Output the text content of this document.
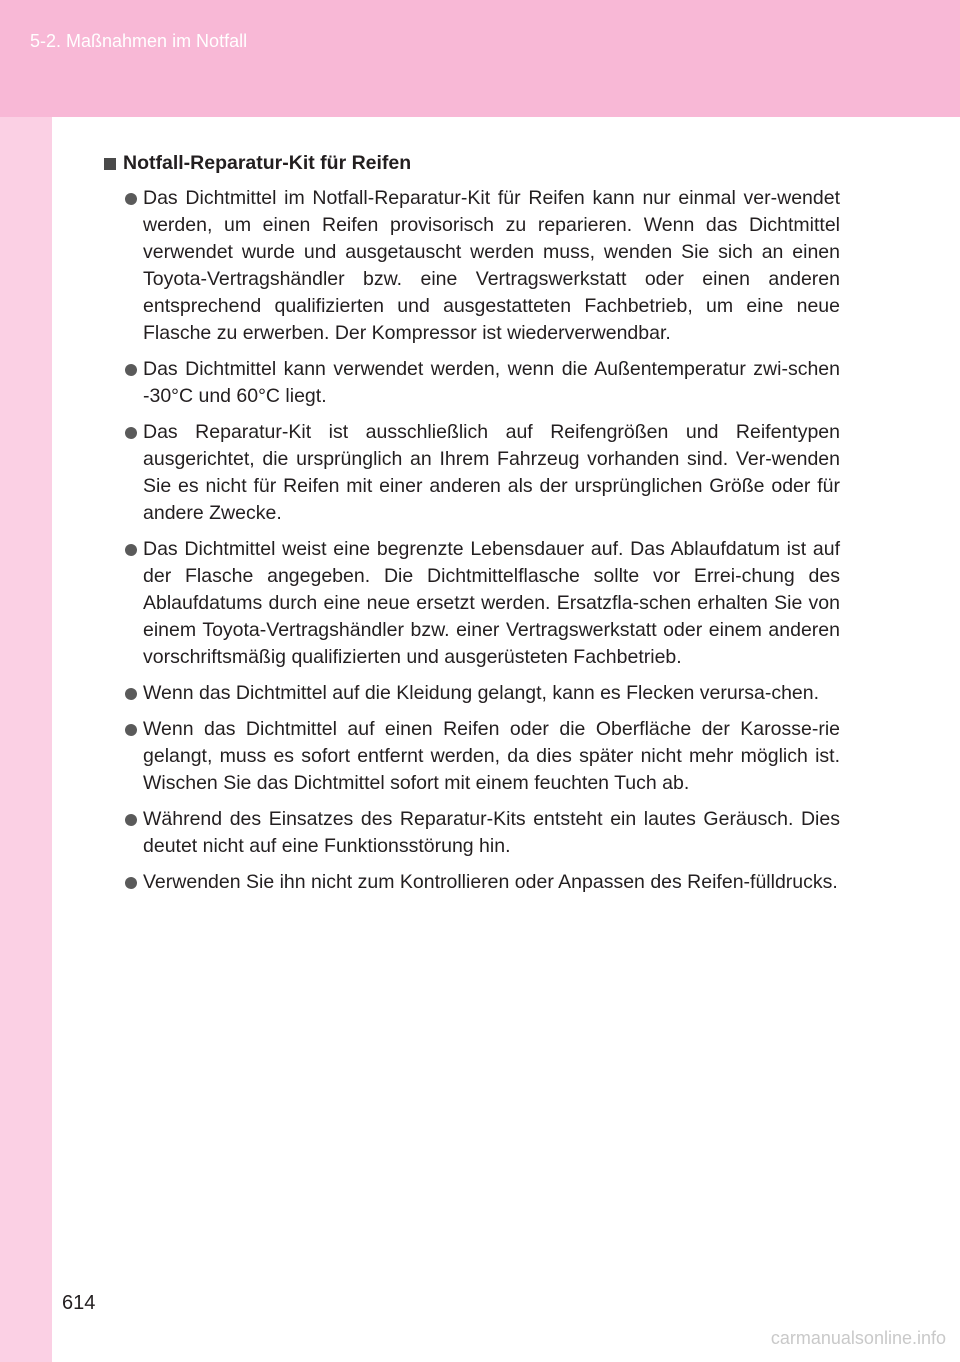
5-2. Maßnahmen im Notfall
Notfall-Reparatur-Kit für Reifen
Das Dichtmittel im Notfall-Reparatur-Kit für Reifen kann nur einmal ver-wendet werden, um einen Reifen provisorisch zu reparieren. Wenn das Dichtmittel verwendet wurde und ausgetauscht werden muss, wenden Sie sich an einen Toyota-Vertragshändler bzw. eine Vertragswerkstatt oder einen anderen entsprechend qualifizierten und ausgestatteten Fachbetrieb, um eine neue Flasche zu erwerben. Der Kompressor ist wiederverwendbar.
Das Dichtmittel kann verwendet werden, wenn die Außentemperatur zwi-schen -30°C und 60°C liegt.
Das Reparatur-Kit ist ausschließlich auf Reifengrößen und Reifentypen ausgerichtet, die ursprünglich an Ihrem Fahrzeug vorhanden sind. Ver-wenden Sie es nicht für Reifen mit einer anderen als der ursprünglichen Größe oder für andere Zwecke.
Das Dichtmittel weist eine begrenzte Lebensdauer auf. Das Ablaufdatum ist auf der Flasche angegeben. Die Dichtmittelflasche sollte vor Errei-chung des Ablaufdatums durch eine neue ersetzt werden. Ersatzfla-schen erhalten Sie von einem Toyota-Vertragshändler bzw. einer Vertragswerkstatt oder einem anderen vorschriftsmäßig qualifizierten und ausgerüsteten Fachbetrieb.
Wenn das Dichtmittel auf die Kleidung gelangt, kann es Flecken verursa-chen.
Wenn das Dichtmittel auf einen Reifen oder die Oberfläche der Karosse-rie gelangt, muss es sofort entfernt werden, da dies später nicht mehr möglich ist. Wischen Sie das Dichtmittel sofort mit einem feuchten Tuch ab.
Während des Einsatzes des Reparatur-Kits entsteht ein lautes Geräusch. Dies deutet nicht auf eine Funktionsstörung hin.
Verwenden Sie ihn nicht zum Kontrollieren oder Anpassen des Reifen-fülldrucks.
614
carmanualsonline.info
